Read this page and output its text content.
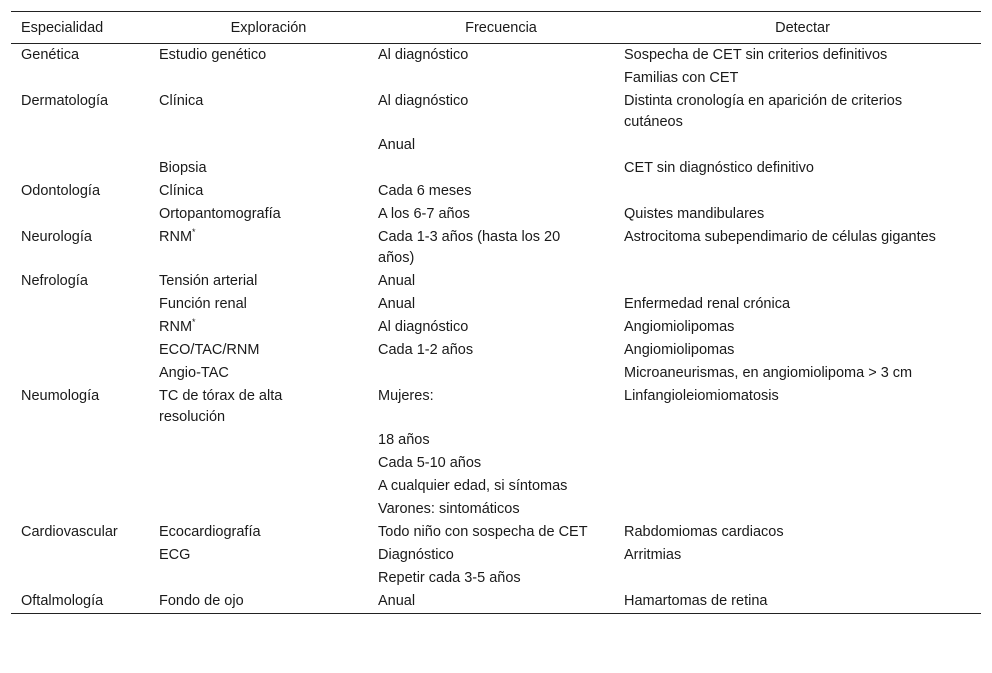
Especialidad	Exploración	Frecuencia	Detectar

Genética	Estudio genético	Al diagnóstico	Sospecha de CET sin criterios definitivos

			Familias con CET

Dermatología	Clínica	Al diagnóstico	Distinta cronología en aparición de criterios cutáneos

		Anual	

	Biopsia		CET sin diagnóstico definitivo

Odontología	Clínica	Cada 6 meses	

	Ortopantomografía	A los 6-7 años	Quistes mandibulares

Neurología	RNM*	Cada 1-3 años (hasta los 20 años)	Astrocitoma subependimario de células gigantes

Nefrología	Tensión arterial	Anual	

	Función renal	Anual	Enfermedad renal crónica

	RNM*	Al diagnóstico	Angiomiolipomas

	ECO/TAC/RNM	Cada 1-2 años	Angiomiolipomas

	Angio-TAC		Microaneurismas, en angiomiolipoma > 3 cm

Neumología	TC de tórax de alta resolución	Mujeres:	Linfangioleiomiomatosis

		18 años	

		Cada 5-10 años	

		A cualquier edad, si síntomas	

		Varones: sintomáticos	

Cardiovascular	Ecocardiografía	Todo niño con sospecha de CET	Rabdomiomas cardiacos

	ECG	Diagnóstico	Arritmias

		Repetir cada 3-5 años	

Oftalmología	Fondo de ojo	Anual	Hamartomas de retina
